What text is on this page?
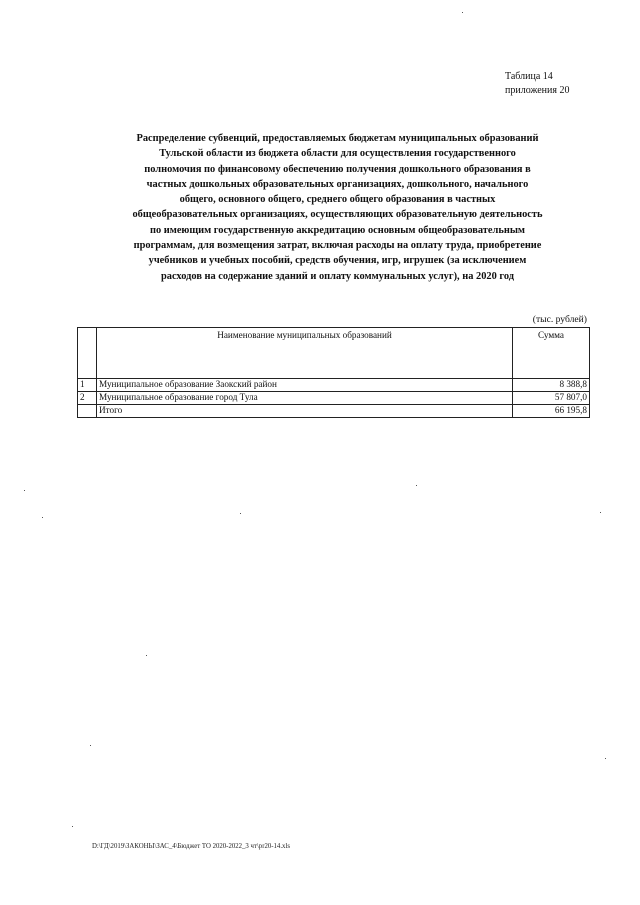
Таблица 14
приложения 20
Распределение субвенций, предоставляемых бюджетам муниципальных образований
Тульской области из бюджета области для осуществления государственного
полномочия по финансовому обеспечению получения дошкольного образования в
частных дошкольных образовательных организациях, дошкольного, начального
общего, основного общего, среднего общего образования в частных
общеобразовательных организациях, осуществляющих образовательную деятельность
по имеющим государственную аккредитацию основным общеобразовательным
программам, для возмещения затрат, включая расходы на оплату труда, приобретение
учебников и учебных пособий, средств обучения, игр, игрушек (за исключением
расходов на содержание зданий и оплату коммунальных услуг), на 2020 год
(тыс. рублей)
	Наименование муниципальных образований	Сумма
1	Муниципальное образование Заокский район	8 388,8
2	Муниципальное образование город Тула	57 807,0
	Итого	66 195,8
D:\ГД\2019\ЗАКОНЫ\ЗАС_4\Бюджет ТО 2020-2022_3 чт\pr20-14.xls
